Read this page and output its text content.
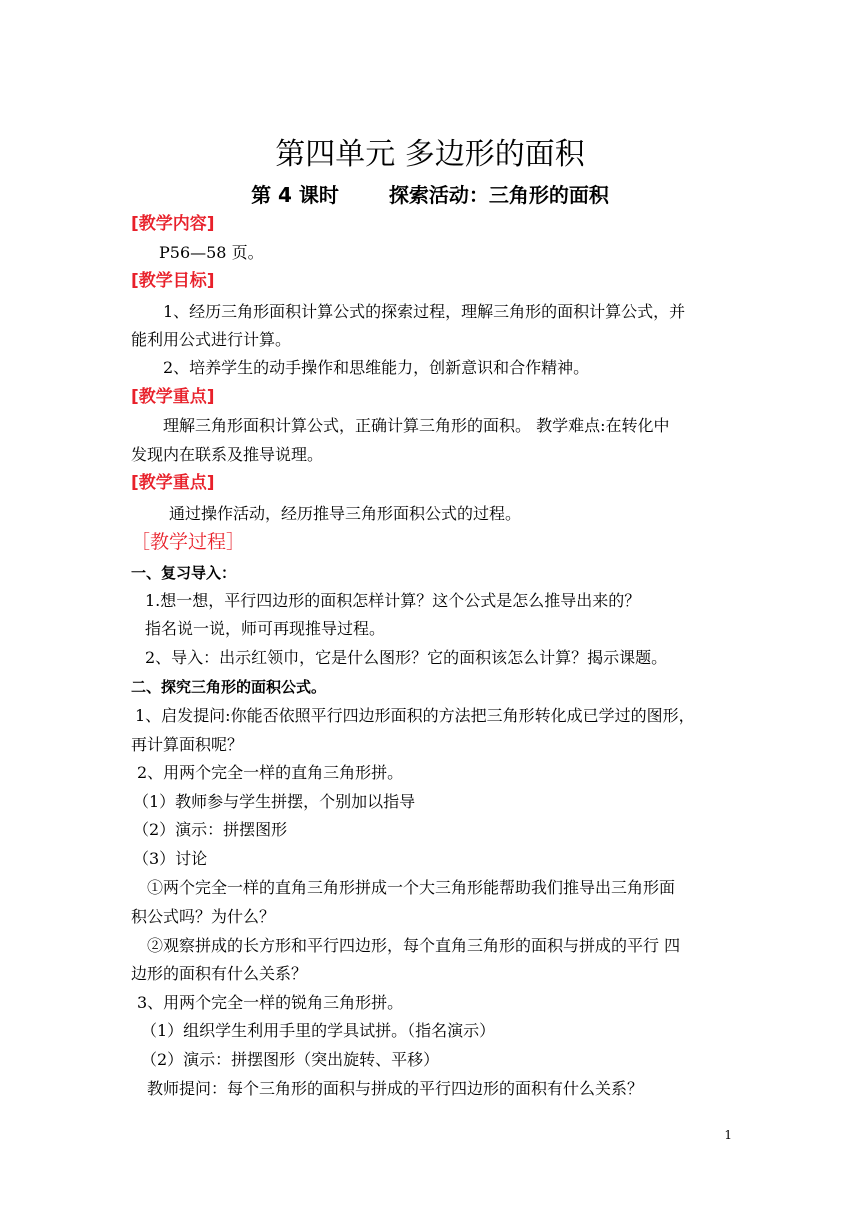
第四单元 多边形的面积
第 4 课时	探索活动：三角形的面积
[教学内容]
P56—58 页。
[教学目标]
1、经历三角形面积计算公式的探索过程，理解三角形的面积计算公式，并
能利用公式进行计算。
2、培养学生的动手操作和思维能力，创新意识和合作精神。
[教学重点]
理解三角形面积计算公式，正确计算三角形的面积。 教学难点:在转化中
发现内在联系及推导说理。
[教学重点]
通过操作活动，经历推导三角形面积公式的过程。
［教学过程］
一、复习导入：
1.想一想，平行四边形的面积怎样计算？这个公式是怎么推导出来的？
指名说一说，师可再现推导过程。
2、导入：出示红领巾，它是什么图形？它的面积该怎么计算？揭示课题。
二、探究三角形的面积公式。
1、启发提问:你能否依照平行四边形面积的方法把三角形转化成已学过的图形，
再计算面积呢？
2、用两个完全一样的直角三角形拼。
（1）教师参与学生拼摆，个别加以指导
（2）演示：拼摆图形
（3）讨论
①两个完全一样的直角三角形拼成一个大三角形能帮助我们推导出三角形面
积公式吗？为什么？
②观察拼成的长方形和平行四边形，每个直角三角形的面积与拼成的平行 四
边形的面积有什么关系？
3、用两个完全一样的锐角三角形拼。
（1）组织学生利用手里的学具试拼。（指名演示）
（2）演示：拼摆图形（突出旋转、平移）
教师提问：每个三角形的面积与拼成的平行四边形的面积有什么关系？
1
